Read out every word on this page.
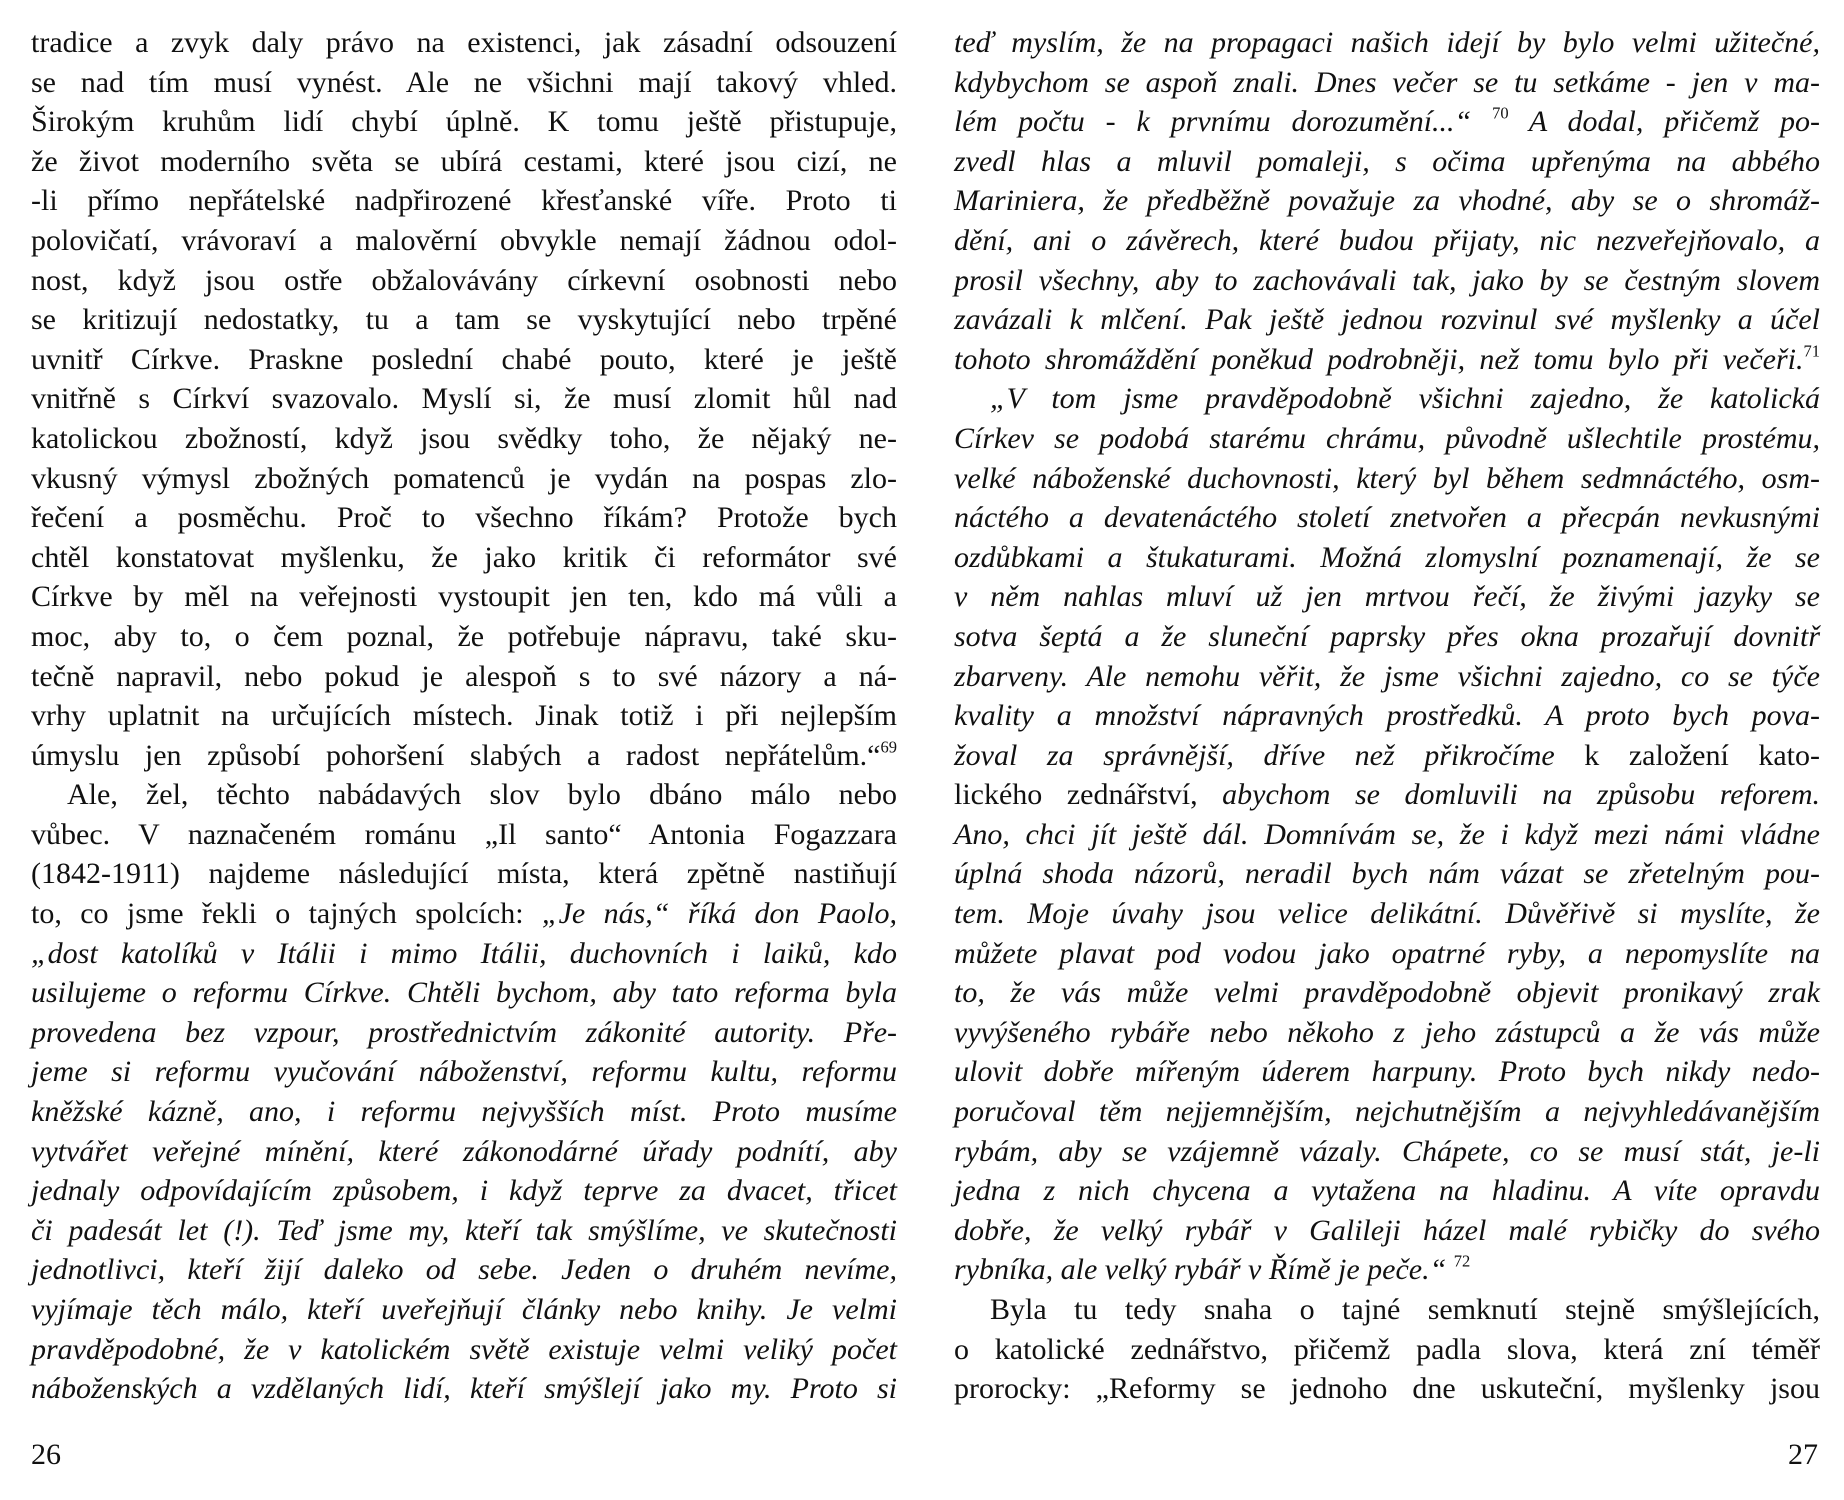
tradice a zvyk daly právo na existenci, jak zásadní odsouzení
se nad tím musí vynést. Ale ne všichni mají takový vhled.
Širokým kruhům lidí chybí úplně. K tomu ještě přistupuje,
že život moderního světa se ubírá cestami, které jsou cizí, ne
-li přímo nepřátelské nadpřirozené křesťanské víře. Proto ti
polovičatí, vrávoraví a malověrní obvykle nemají žádnou odol-
nost, když jsou ostře obžalovávány církevní osobnosti nebo
se kritizují nedostatky, tu a tam se vyskytující nebo trpěné
uvnitř Církve. Praskne poslední chabé pouto, které je ještě
vnitřně s Církví svazovalo. Myslí si, že musí zlomit hůl nad
katolickou zbožností, když jsou svědky toho, že nějaký ne-
vkusný výmysl zbožných pomatenců je vydán na pospas zlo-
řečení a posměchu. Proč to všechno říkám? Protože bych
chtěl konstatovat myšlenku, že jako kritik či reformátor své
Církve by měl na veřejnosti vystoupit jen ten, kdo má vůli a
moc, aby to, o čem poznal, že potřebuje nápravu, také sku-
tečně napravil, nebo pokud je alespoň s to své názory a ná-
vrhy uplatnit na určujících místech. Jinak totiž i při nejlepším
úmyslu jen způsobí pohoršení slabých a radost nepřátelům.“$^{69}$
Ale, žel, těchto nabádavých slov bylo dbáno málo nebo
vůbec. V naznačeném románu „Il santo“ Antonia Fogazzara
(1842-1911) najdeme následující místa, která zpětně nastiňují
to, co jsme řekli o tajných spolcích: „Je nás,“ říká don Paolo,
„dost katolíků v Itálii i mimo Itálii, duchovních i laiků, kdo
usilujeme o reformu Církve. Chtěli bychom, aby tato reforma byla
provedena bez vzpour, prostřednictvím zákonité autority. Pře-
jeme si reformu vyučování náboženství, reformu kultu, reformu
kněžské kázně, ano, i reformu nejvyšších míst. Proto musíme
vytvářet veřejné mínění, které zákonodárné úřady podnítí, aby
jednaly odpovídajícím způsobem, i když teprve za dvacet, třicet
či padesát let (!). Teď jsme my, kteří tak smýšlíme, ve skutečnosti
jednotlivci, kteří žijí daleko od sebe. Jeden o druhém nevíme,
vyjímaje těch málo, kteří uveřejňují články nebo knihy. Je velmi
pravděpodobné, že v katolickém světě existuje velmi veliký počet
náboženských a vzdělaných lidí, kteří smýšlejí jako my. Proto si
26
teď myslím, že na propagaci našich idejí by bylo velmi užitečné,
kdybychom se aspoň znali. Dnes večer se tu setkáme - jen v ma-
lém počtu - k prvnímu dorozumění...“ $^{70}$ A dodal, přičemž po-
zvedl hlas a mluvil pomaleji, s očima upřenýma na abbého
Mariniera, že předběžně považuje za vhodné, aby se o shromáž-
dění, ani o závěrech, které budou přijaty, nic nezveřejňovalo, a
prosil všechny, aby to zachovávali tak, jako by se čestným slovem
zavázali k mlčení. Pak ještě jednou rozvinul své myšlenky a účel
tohoto shromáždění poněkud podrobněji, než tomu bylo při večeři.$^{71}$
„V tom jsme pravděpodobně všichni zajedno, že katolická
Církev se podobá starému chrámu, původně ušlechtile prostému,
velké náboženské duchovnosti, který byl během sedmnáctého, osm-
náctého a devatenáctého století znetvořen a přecpán nevkusnými
ozdůbkami a štukaturami. Možná zlomyslní poznamenají, že se
v něm nahlas mluví už jen mrtvou řečí, že živými jazyky se
sotva šeptá a že sluneční paprsky přes okna prozařují dovnitř
zbarveny. Ale nemohu věřit, že jsme všichni zajedno, co se týče
kvality a množství nápravných prostředků. A proto bych pova-
žoval za správnější, dříve než přikročíme k založení kato-
lického zednářství, abychom se domluvili na způsobu reforem.
Ano, chci jít ještě dál. Domnívám se, že i když mezi námi vládne
úplná shoda názorů, neradil bych nám vázat se zřetelným pou-
tem. Moje úvahy jsou velice delikátní. Důvěřivě si myslíte, že
můžete plavat pod vodou jako opatrné ryby, a nepomyslíte na
to, že vás může velmi pravděpodobně objevit pronikavý zrak
vyvýšeného rybáře nebo někoho z jeho zástupců a že vás může
ulovit dobře mířeným úderem harpuny. Proto bych nikdy nedo-
poručoval těm nejjemnějším, nejchutnějším a nejvyhledávanějším
rybám, aby se vzájemně vázaly. Chápete, co se musí stát, je-li
jedna z nich chycena a vytažena na hladinu. A víte opravdu
dobře, že velký rybář v Galileji házel malé rybičky do svého
rybníka, ale velký rybář v Římě je peče.“ $^{72}$
Byla tu tedy snaha o tajné semknutí stejně smýšlejících,
o katolické zednářstvo, přičemž padla slova, která zní téměř
prorocky: „Reformy se jednoho dne uskuteční, myšlenky jsou
27
